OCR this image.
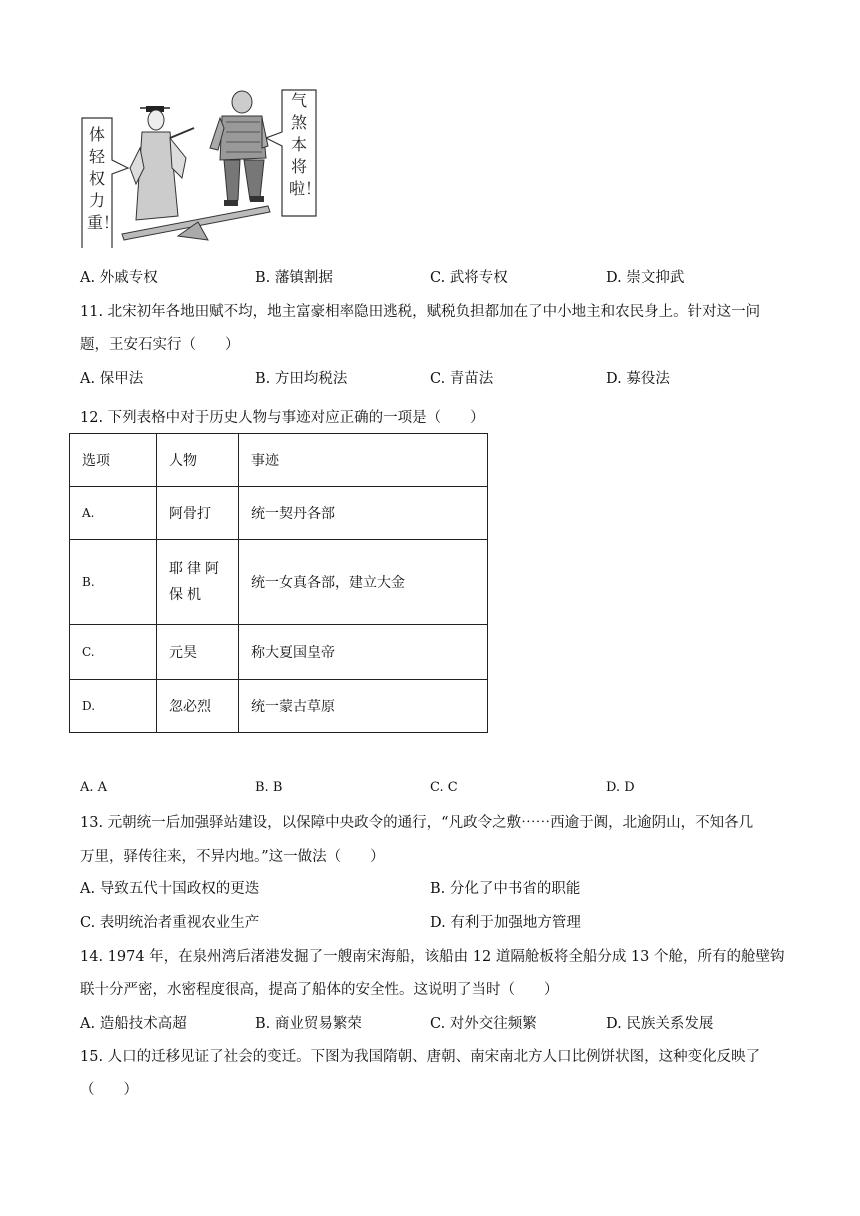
体轻权力重！
气煞本将啦！
A. 外戚专权	B. 藩镇割据	C. 武将专权	D. 崇文抑武
11. 北宋初年各地田赋不均，地主富豪相率隐田逃税，赋税负担都加在了中小地主和农民身上。针对这一问
题，王安石实行（　　）
A. 保甲法	B. 方田均税法	C. 青苗法	D. 募役法
12. 下列表格中对于历史人物与事迹对应正确的一项是（　　）
选项	人物	事迹
A.	阿骨打	统一契丹各部
B.	耶律阿保机	统一女真各部，建立大金
C.	元昊	称大夏国皇帝
D.	忽必烈	统一蒙古草原
A. A	B. B	C. C	D. D
13. 元朝统一后加强驿站建设，以保障中央政令的通行，“凡政令之敷⋯⋯西逾于阗，北逾阴山，不知各几
万里，驿传往来，不异内地。”这一做法（　　）
A. 导致五代十国政权的更迭	B. 分化了中书省的职能
C. 表明统治者重视农业生产	D. 有利于加强地方管理
14. 1974 年，在泉州湾后渚港发掘了一艘南宋海船，该船由 12 道隔舱板将全船分成 13 个舱，所有的舱壁钩
联十分严密，水密程度很高，提高了船体的安全性。这说明了当时（　　）
A. 造船技术高超	B. 商业贸易繁荣	C. 对外交往频繁	D. 民族关系发展
15. 人口的迁移见证了社会的变迁。下图为我国隋朝、唐朝、南宋南北方人口比例饼状图，这种变化反映了
（　　）
